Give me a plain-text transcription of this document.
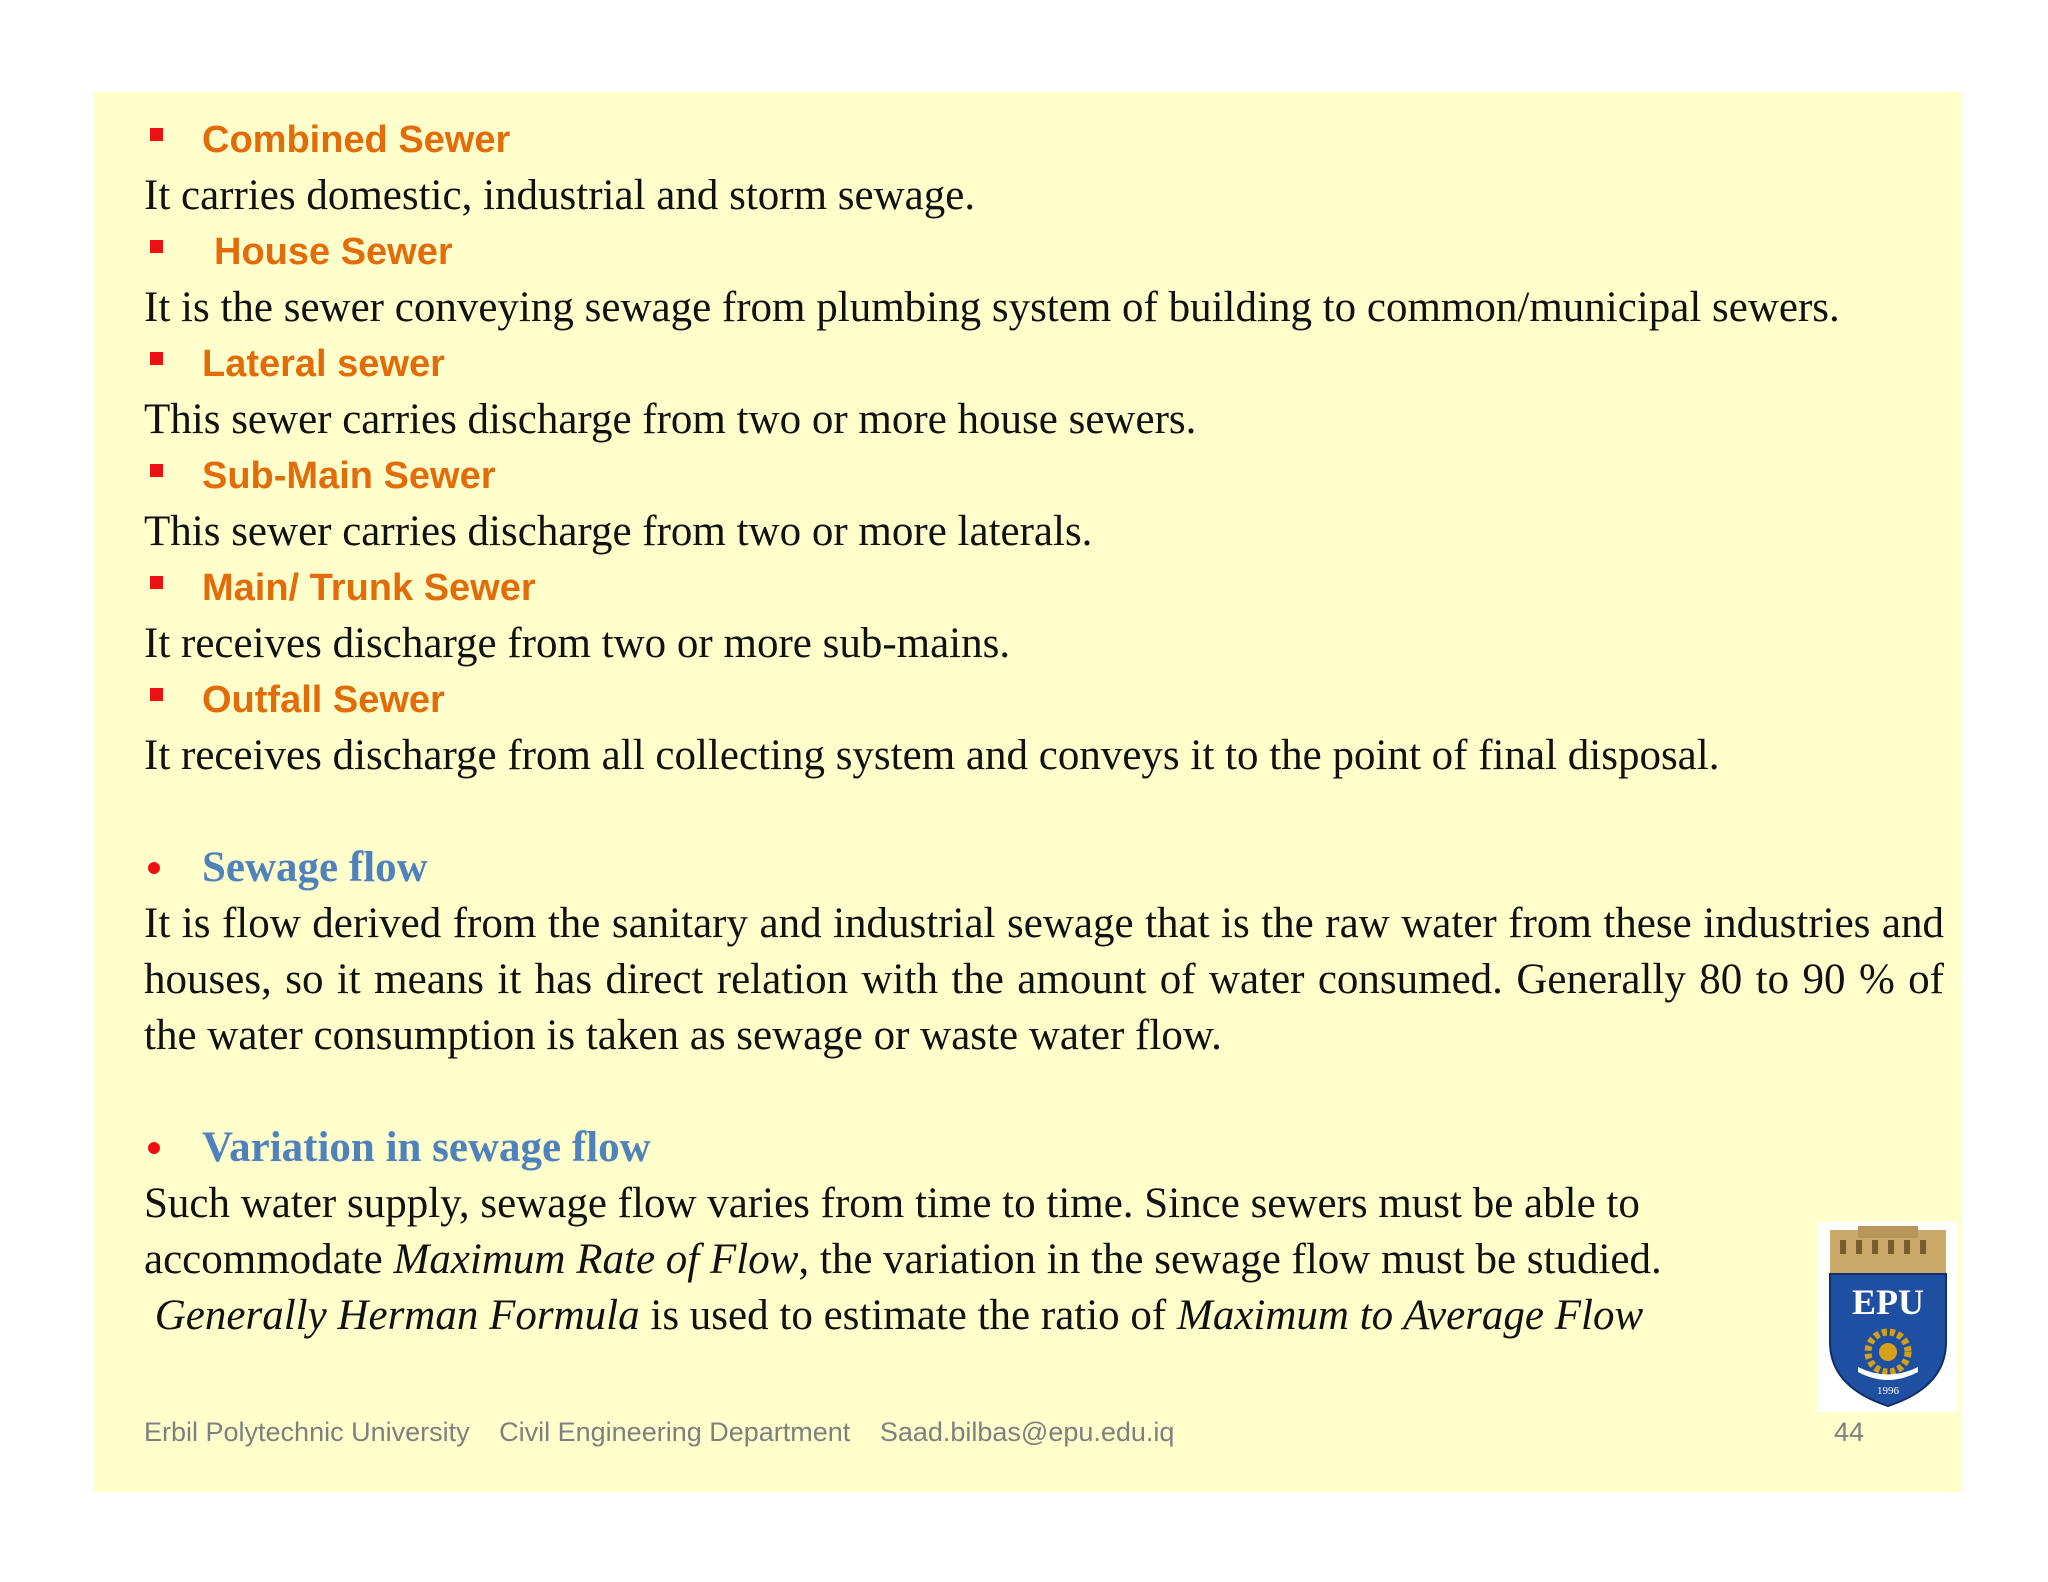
Combined Sewer

It carries domestic, industrial and storm sewage.

House Sewer

It is the sewer conveying sewage from plumbing system of building to common/municipal sewers.

Lateral sewer

This sewer carries discharge from two or more house sewers.

Sub-Main Sewer

This sewer carries discharge from two or more laterals.

Main/ Trunk Sewer

It receives discharge from two or more sub-mains.

Outfall Sewer

It receives discharge from all collecting system and conveys it to the point of final disposal.

Sewage flow

It is flow derived from the sanitary and industrial sewage that is the raw water from these industries and houses, so it means it has direct relation with the amount of water consumed. Generally 80 to 90 % of the water consumption is taken as sewage or waste water flow.

Variation in sewage flow
Such water supply, sewage flow varies from time to time. Since sewers must be able to
accommodate Maximum Rate of Flow, the variation in the sewage flow must be studied.
Generally Herman Formula is used to estimate the ratio of Maximum to Average Flow	EPU
1996
Erbil Polytechnic University Civil Engineering Department Saad.bilbas@epu.edu.iq	44
